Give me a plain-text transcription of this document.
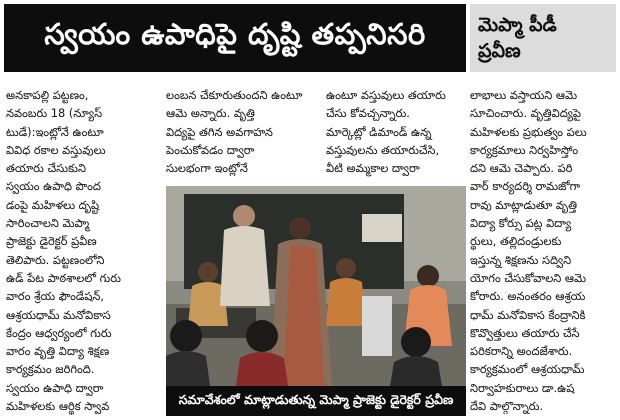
స్వయం ఉపాధిపై దృష్టి తప్పనిసరి	మెప్మా పీడీ
ప్రవీణ
అనకాపల్లి పట్టణం,
నవంబరు 18 (న్యూస్
టుడే):ఇంట్లోనే ఉంటూ
వివిధ రకాల వస్తువులు
తయారు చేసుకుని
స్వయం ఉపాధి పొంద
డంపై మహిళలు దృష్టి
సారించాలని మెప్మా
ప్రాజెక్టు డైరెక్టర్ ప్రవీణ
తెలిపారు. పట్టణంలోని
ఉడ్ పేట పాఠశాలలో గురు
వారం శ్రేయ ఫౌండేషన్,
ఆశ్రయధామ్ మనోవికాస
కేంద్రం ఆధ్వర్యంలో గురు
వారం వృత్తి విద్యా శిక్షణ
కార్యక్రమం జరిగింది.
స్వయం ఉపాధి ద్వారా
మహిళలకు ఆర్థిక స్వావ
లంబన చేకూరుతుందని ఉంటూ
ఆమె అన్నారు. వృత్తి
విద్యపై తగిన అవగాహన
పెంచుకోవడం ద్వారా
సులభంగా ఇంట్లోనే
ఉంటూ వస్తువులు తయారు
చేసు కోవచ్చన్నారు.
మార్కెట్లో డిమాండ్ ఉన్న
వస్తువులను తయారుచేసి,
వీటి అమ్మకాల ద్వారా
లాభాలు వస్తాయని ఆమె
సూచించారు. వృత్తివిద్యపై
మహిళలకు ప్రభుత్వం పలు
కార్యక్రమాలు నిర్వహిస్తోం
దని ఆమె చెప్పారు. పరి
వార్ కార్యదర్శి రామజోగా
రావు మాట్లాడుతూ వృత్తి
విద్యా కోర్సు పట్ల విద్యా
ర్థులు, తల్లిదండ్రులకు
ఇస్తున్న శిక్షణను సద్విని
యోగం చేసుకోవాలని ఆమె
కోరారు. అనంతరం ఆశ్రయ
ధామ్ మనోవికాస కేంద్రానికి
కొవ్వొత్తులు తయారు చేసే
పరికరాన్ని అందజేశారు.
కార్యక్రమంలో ఆశ్రయధామ్
నిర్వాహకురాలు డా.ఉష
దేవి పాల్గొన్నారు.
సమావేశంలో మాట్లాడుతున్న మెప్మా ప్రాజెక్టు డైరెక్టర్ ప్రవీణ
